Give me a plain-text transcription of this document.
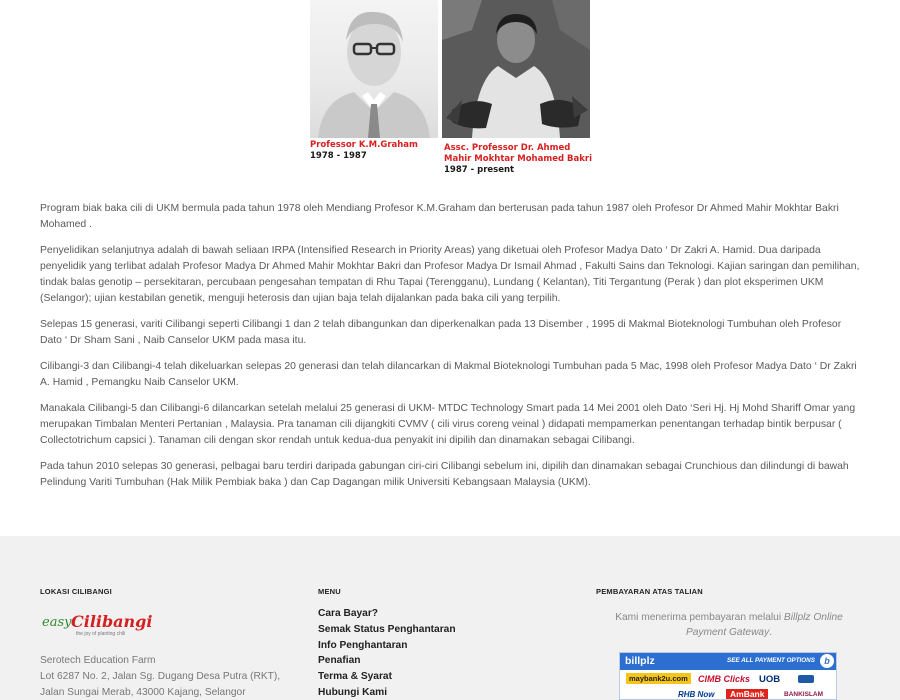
Professor K.M.Graham
1978 - 1987
Assc. Professor Dr. Ahmed
Mahir Mokhtar Mohamed Bakri
1987 - present

Program biak baka cili di UKM bermula pada tahun 1978 oleh Mendiang Profesor K.M.Graham dan berterusan pada tahun 1987 oleh Profesor Dr Ahmed Mahir Mokhtar Bakri Mohamed .

Penyelidikan selanjutnya adalah di bawah seliaan IRPA (Intensified Research in Priority Areas) yang diketuai oleh Profesor Madya Dato ‘ Dr Zakri A. Hamid. Dua daripada penyelidik yang terlibat adalah Profesor Madya Dr Ahmed Mahir Mokhtar Bakri dan Profesor Madya Dr Ismail Ahmad , Fakulti Sains dan Teknologi. Kajian saringan dan pemilihan, tindak balas genotip – persekitaran, percubaan pengesahan tempatan di Rhu Tapai (Terengganu), Lundang ( Kelantan), Titi Tergantung (Perak ) dan plot eksperimen UKM (Selangor); ujian kestabilan genetik, menguji heterosis dan ujian baja telah dijalankan pada baka cili yang terpilih.

Selepas 15 generasi, variti Cilibangi seperti Cilibangi 1 dan 2 telah dibangunkan dan diperkenalkan pada 13 Disember , 1995 di Makmal Bioteknologi Tumbuhan oleh Profesor Dato ‘ Dr Sham Sani , Naib Canselor UKM pada masa itu.

Cilibangi-3 dan Cilibangi-4 telah dikeluarkan selepas 20 generasi dan telah dilancarkan di Makmal Bioteknologi Tumbuhan pada 5 Mac, 1998 oleh Profesor Madya Dato ‘ Dr Zakri A. Hamid , Pemangku Naib Canselor UKM.

Manakala Cilibangi-5 dan Cilibangi-6 dilancarkan setelah melalui 25 generasi di UKM- MTDC Technology Smart pada 14 Mei 2001 oleh Dato ‘Seri Hj. Hj Mohd Shariff Omar yang merupakan Timbalan Menteri Pertanian , Malaysia. Pra tanaman cili dijangkiti CVMV ( cili virus coreng veinal ) didapati mempamerkan penentangan terhadap bintik berpusar ( Collectotrichum capsici ). Tanaman cili dengan skor rendah untuk kedua-dua penyakit ini dipilih dan dinamakan sebagai Cilibangi.

Pada tahun 2010 selepas 30 generasi, pelbagai baru terdiri daripada gabungan ciri-ciri Cilibangi sebelum ini, dipilih dan dinamakan sebagai Crunchious dan dilindungi di bawah Pelindung Variti Tumbuhan (Hak Milik Pembiak baka ) dan Cap Dagangan milik Universiti Kebangsaan Malaysia (UKM).

LOKASI CILIBANGI
easy Cilibangi
the joy of planting chili
Serotech Education Farm
Lot 6287 No. 2, Jalan Sg. Dugang Desa Putra (RKT),
Jalan Sungai Merab, 43000 Kajang, Selangor
MENU
Cara Bayar?
Semak Status Penghantaran
Info Penghantaran
Penafian
Terma & Syarat
Hubungi Kami
PEMBAYARAN ATAS TALIAN
Kami menerima pembayaran melalui Billplz Online Payment Gateway.
billplz	SEE ALL PAYMENT OPTIONS	b
maybank2u.com	CIMB Clicks UOB
RHB Now	AmBank	BANKISLAM
